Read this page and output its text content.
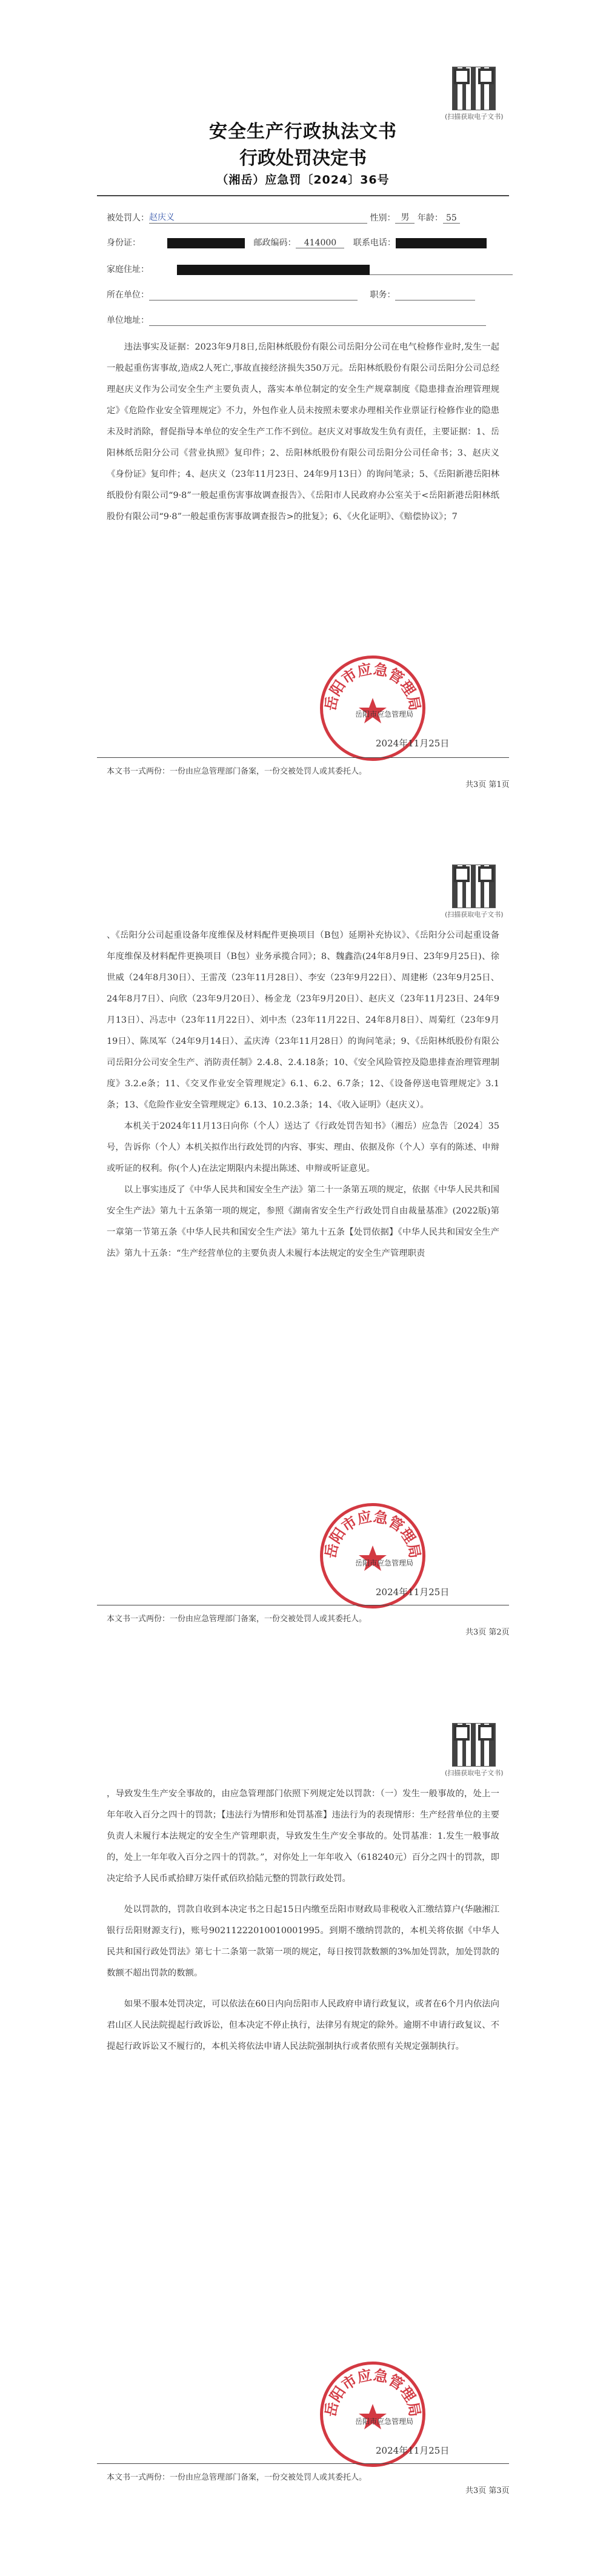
(扫描获取电子文书)
安全生产行政执法文书
行政处罚决定书
（湘岳）应急罚〔2024〕36号
被处罚人：赵庆义	性别： 男 年龄： 55
身份证：	邮政编码： 414000 联系电话：
家庭住址：
所在单位：	职务：
单位地址：

违法事实及证据：2023年9月8日,岳阳林纸股份有限公司岳阳分公司在电气检修作业时,发生一起一般起重伤害事故,造成2人死亡,事故直接经济损失350万元。岳阳林纸股份有限公司岳阳分公司总经理赵庆义作为公司安全生产主要负责人，落实本单位制定的安全生产规章制度《隐患排查治理管理规定》《危险作业安全管理规定》不力，外包作业人员未按照未要求办理相关作业票证行检修作业的隐患未及时消除，督促指导本单位的安全生产工作不到位。赵庆义对事故发生负有责任，主要证据：1、岳阳林纸岳阳分公司《营业执照》复印件；2、岳阳林纸股份有限公司岳阳分公司任命书；3、赵庆义《身份证》复印件；4、赵庆义（23年11月23日、24年9月13日）的询问笔录；5、《岳阳新港岳阳林纸股份有限公司“9·8”一般起重伤害事故调查报告》、《岳阳市人民政府办公室关于<岳阳新港岳阳林纸股份有限公司“9·8”一般起重伤害事故调查报告>的批复》；6、《火化证明》、《赔偿协议》；7

岳阳市应急管理局
岳阳市应急管理局
2024年11月25日
本文书一式两份：一份由应急管理部门备案，一份交被处罚人或其委托人。
共3页 第1页
(扫描获取电子文书)

、《岳阳分公司起重设备年度维保及材料配件更换项目（B包）延期补充协议》、《岳阳分公司起重设备年度维保及材料配件更换项目（B包）业务承揽合同》；8、魏鑫浩(24年8月9日、23年9月25日)、徐世威（24年8月30日）、王雷茂（23年11月28日）、李安（23年9月22日）、周建彬（23年9月25日、24年8月7日）、向欣（23年9月20日）、杨金龙（23年9月20日）、赵庆义（23年11月23日、24年9月13日）、冯志中（23年11月22日）、刘中杰（23年11月22日、24年8月8日）、周菊红（23年9月19日）、陈凤军（24年9月14日）、孟庆涛（23年11月28日）的询问笔录；9、《岳阳林纸股份有限公司岳阳分公司安全生产、消防责任制》2.4.8、2.4.18条；10、《安全风险管控及隐患排查治理管理制度》3.2.e条；11、《交叉作业安全管理规定》6.1、6.2、6.7条；12、《设备停送电管理规定》3.1条；13、《危险作业安全管理规定》6.13、10.2.3条；14、《收入证明》（赵庆义）。

本机关于2024年11月13日向你（个人）送达了《行政处罚告知书》（湘岳）应急告〔2024〕35号，告诉你（个人）本机关拟作出行政处罚的内容、事实、理由、依据及你（个人）享有的陈述、申辩或听证的权利。你(个人)在法定期限内未提出陈述、申辩或听证意见。

以上事实违反了《中华人民共和国安全生产法》第二十一条第五项的规定，依据《中华人民共和国安全生产法》第九十五条第一项的规定，参照《湖南省安全生产行政处罚自由裁量基准》(2022版)第一章第一节第五条《中华人民共和国安全生产法》第九十五条【处罚依据】《中华人民共和国安全生产法》第九十五条：“生产经营单位的主要负责人未履行本法规定的安全生产管理职责

岳阳市应急管理局
岳阳市应急管理局
2024年11月25日
本文书一式两份：一份由应急管理部门备案，一份交被处罚人或其委托人。
共3页 第2页
(扫描获取电子文书)

，导致发生生产安全事故的，由应急管理部门依照下列规定处以罚款：（一）发生一般事故的，处上一年年收入百分之四十的罚款；【违法行为情形和处罚基准】违法行为的表现情形：生产经营单位的主要负责人未履行本法规定的安全生产管理职责，导致发生生产安全事故的。处罚基准：1.发生一般事故的，处上一年年收入百分之四十的罚款。”，对你处上一年年收入（618240元）百分之四十的罚款，即决定给予人民币贰拾肆万柒仟贰佰玖拾陆元整的罚款行政处罚。

处以罚款的，罚款自收到本决定书之日起15日内缴至岳阳市财政局非税收入汇缴结算户(华融湘江银行岳阳财源支行)，账号90211222010010001995。到期不缴纳罚款的，本机关将依据《中华人民共和国行政处罚法》第七十二条第一款第一项的规定，每日按罚款数额的3%加处罚款，加处罚款的数额不超出罚款的数额。

如果不服本处罚决定，可以依法在60日内向岳阳市人民政府申请行政复议，或者在6个月内依法向君山区人民法院提起行政诉讼，但本决定不停止执行，法律另有规定的除外。逾期不申请行政复议、不提起行政诉讼又不履行的，本机关将依法申请人民法院强制执行或者依照有关规定强制执行。

岳阳市应急管理局
岳阳市应急管理局
2024年11月25日
本文书一式两份：一份由应急管理部门备案，一份交被处罚人或其委托人。
共3页 第3页
